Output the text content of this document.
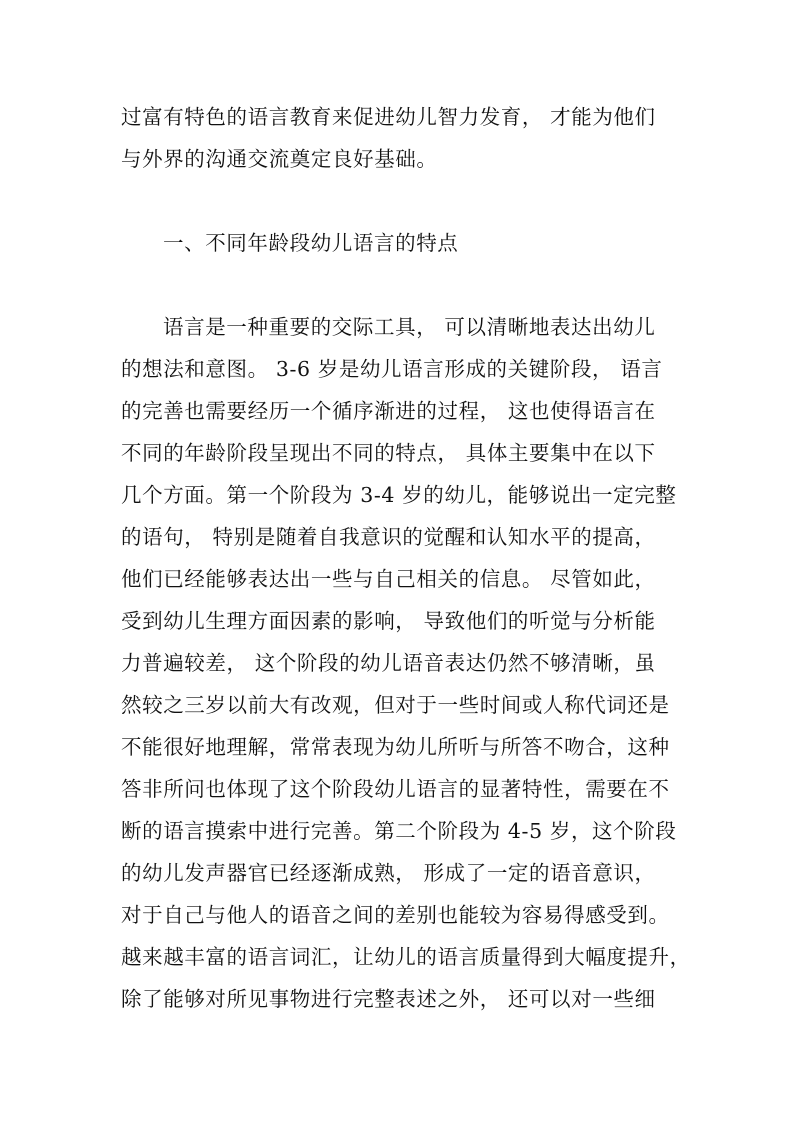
过富有特色的语言教育来促进幼儿智力发育， 才能为他们
与外界的沟通交流奠定良好基础。
一、不同年龄段幼儿语言的特点
语言是一种重要的交际工具， 可以清晰地表达出幼儿
的想法和意图。 3-6 岁是幼儿语言形成的关键阶段， 语言
的完善也需要经历一个循序渐进的过程， 这也使得语言在
不同的年龄阶段呈现出不同的特点， 具体主要集中在以下
几个方面。第一个阶段为 3-4 岁的幼儿，能够说出一定完整
的语句， 特别是随着自我意识的觉醒和认知水平的提高，
他们已经能够表达出一些与自己相关的信息。 尽管如此，
受到幼儿生理方面因素的影响， 导致他们的听觉与分析能
力普遍较差， 这个阶段的幼儿语音表达仍然不够清晰，虽
然较之三岁以前大有改观，但对于一些时间或人称代词还是
不能很好地理解，常常表现为幼儿所听与所答不吻合，这种
答非所问也体现了这个阶段幼儿语言的显著特性，需要在不
断的语言摸索中进行完善。第二个阶段为 4-5 岁，这个阶段
的幼儿发声器官已经逐渐成熟， 形成了一定的语音意识，
对于自己与他人的语音之间的差别也能较为容易得感受到。
越来越丰富的语言词汇，让幼儿的语言质量得到大幅度提升，
除了能够对所见事物进行完整表述之外， 还可以对一些细
